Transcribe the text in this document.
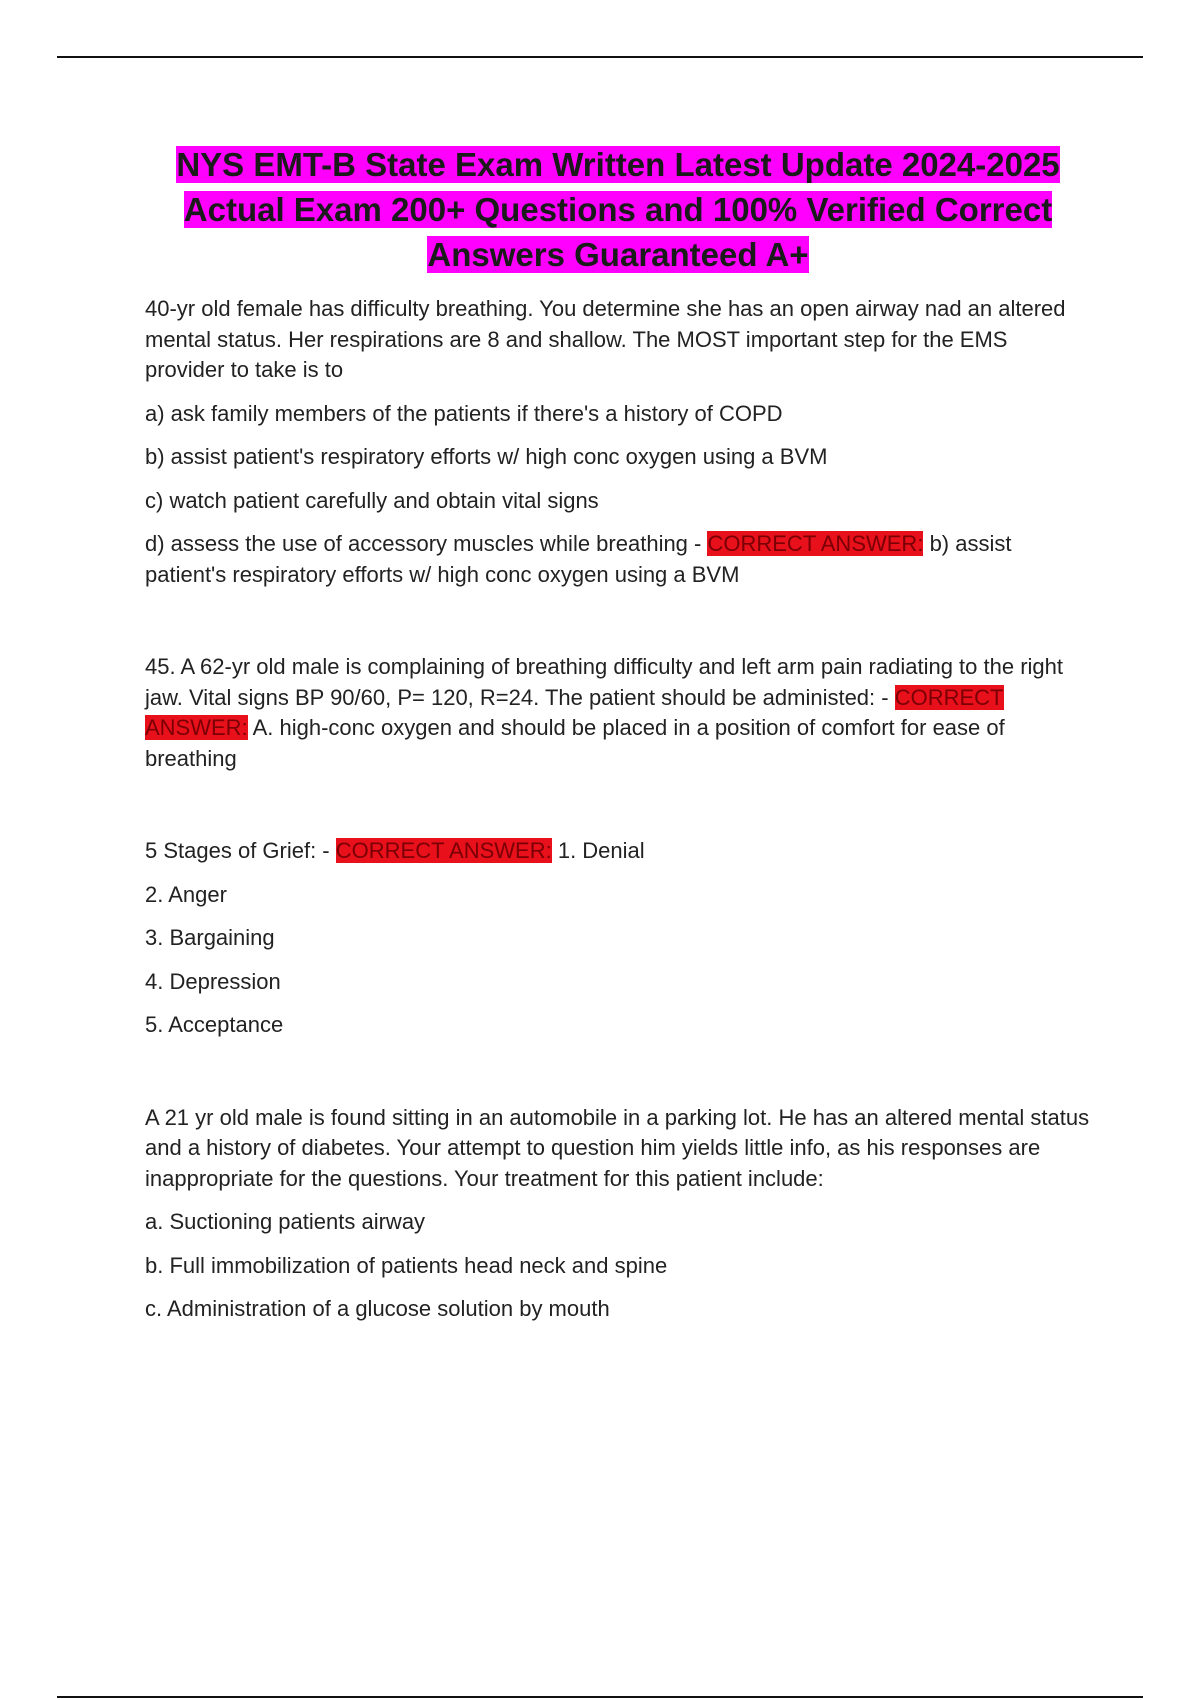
NYS EMT-B State Exam Written Latest Update 2024-2025 Actual Exam 200+ Questions and 100% Verified Correct Answers Guaranteed A+

40-yr old female has difficulty breathing. You determine she has an open airway nad an altered mental status. Her respirations are 8 and shallow. The MOST important step for the EMS provider to take is to

a) ask family members of the patients if there's a history of COPD

b) assist patient's respiratory efforts w/ high conc oxygen using a BVM

c) watch patient carefully and obtain vital signs

d) assess the use of accessory muscles while breathing - CORRECT ANSWER: b) assist patient's respiratory efforts w/ high conc oxygen using a BVM

45. A 62-yr old male is complaining of breathing difficulty and left arm pain radiating to the right jaw. Vital signs BP 90/60, P= 120, R=24. The patient should be administed: - CORRECT ANSWER: A. high-conc oxygen and should be placed in a position of comfort for ease of breathing

5 Stages of Grief: - CORRECT ANSWER: 1. Denial

2. Anger

3. Bargaining

4. Depression

5. Acceptance

A 21 yr old male is found sitting in an automobile in a parking lot. He has an altered mental status and a history of diabetes. Your attempt to question him yields little info, as his responses are inappropriate for the questions. Your treatment for this patient include:

a. Suctioning patients airway

b. Full immobilization of patients head neck and spine

c. Administration of a glucose solution by mouth
